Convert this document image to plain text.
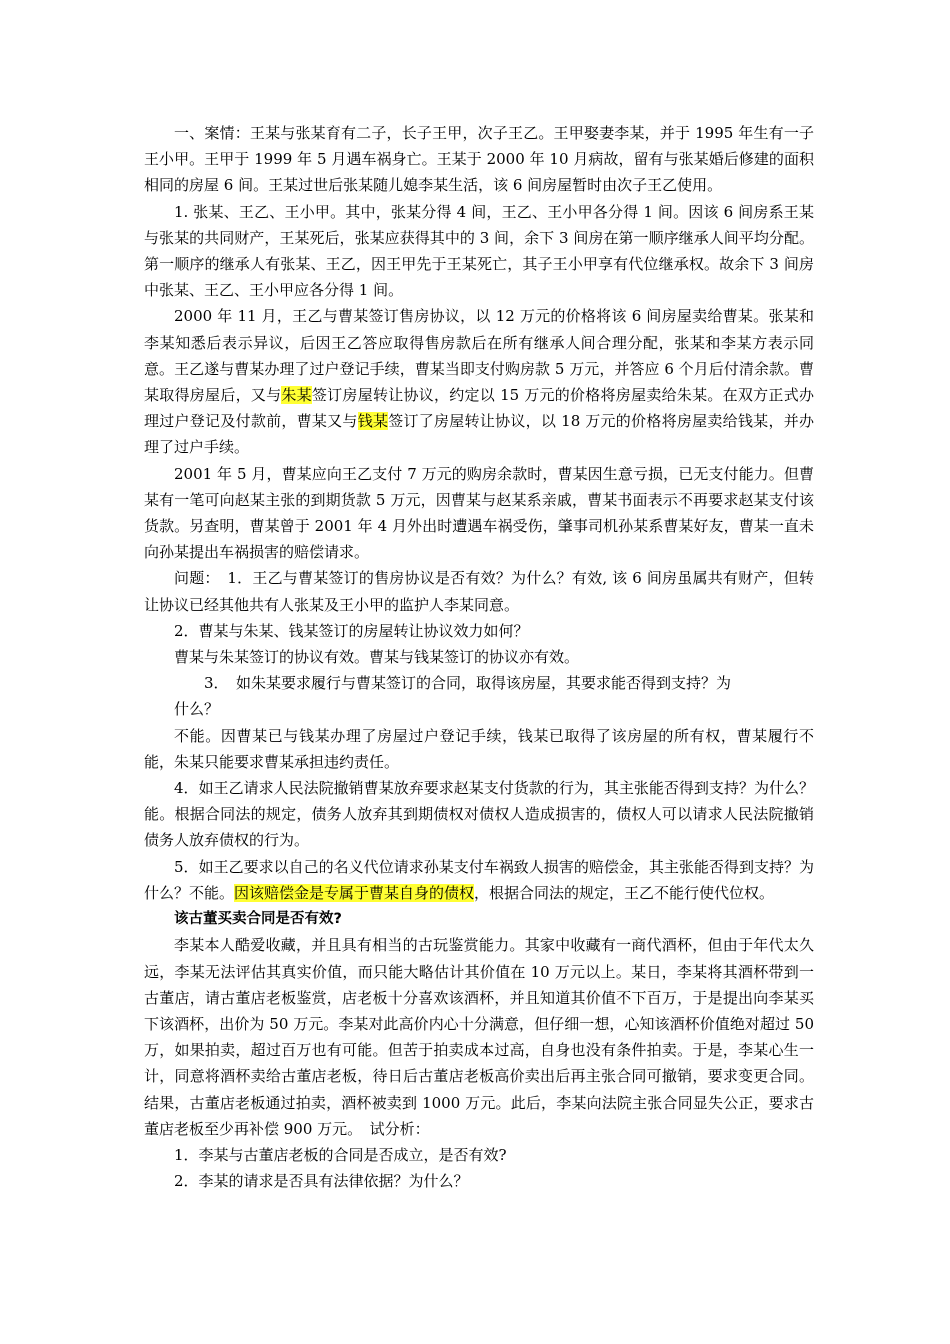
一、案情：王某与张某育有二子，长子王甲，次子王乙。王甲娶妻李某，并于 1995 年生有一子王小甲。王甲于 1999 年 5 月遇车祸身亡。王某于 2000 年 10 月病故，留有与张某婚后修建的面积相同的房屋 6 间。王某过世后张某随儿媳李某生活，该 6 间房屋暂时由次子王乙使用。

1. 张某、王乙、王小甲。其中，张某分得 4 间，王乙、王小甲各分得 1 间。因该 6 间房系王某与张某的共同财产，王某死后，张某应获得其中的 3 间，余下 3 间房在第一顺序继承人间平均分配。第一顺序的继承人有张某、王乙，因王甲先于王某死亡，其子王小甲享有代位继承权。故余下 3 间房中张某、王乙、王小甲应各分得 1 间。

2000 年 11 月，王乙与曹某签订售房协议，以 12 万元的价格将该 6 间房屋卖给曹某。张某和李某知悉后表示异议，后因王乙答应取得售房款后在所有继承人间合理分配，张某和李某方表示同意。王乙遂与曹某办理了过户登记手续，曹某当即支付购房款 5 万元，并答应 6 个月后付清余款。曹某取得房屋后，又与朱某签订房屋转让协议，约定以 15 万元的价格将房屋卖给朱某。在双方正式办理过户登记及付款前，曹某又与钱某签订了房屋转让协议，以 18 万元的价格将房屋卖给钱某，并办理了过户手续。

2001 年 5 月，曹某应向王乙支付 7 万元的购房余款时，曹某因生意亏损，已无支付能力。但曹某有一笔可向赵某主张的到期货款 5 万元，因曹某与赵某系亲戚，曹某书面表示不再要求赵某支付该货款。另查明，曹某曾于 2001 年 4 月外出时遭遇车祸受伤，肇事司机孙某系曹某好友，曹某一直未向孙某提出车祸损害的赔偿请求。

问题：　1．王乙与曹某签订的售房协议是否有效？为什么？有效, 该 6 间房虽属共有财产，但转让协议已经其他共有人张某及王小甲的监护人李某同意。

2．曹某与朱某、钱某签订的房屋转让协议效力如何？

曹某与朱某签订的协议有效。曹某与钱某签订的协议亦有效。

3．　如朱某要求履行与曹某签订的合同，取得该房屋，其要求能否得到支持？为

什么？

不能。因曹某已与钱某办理了房屋过户登记手续，钱某已取得了该房屋的所有权，曹某履行不能，朱某只能要求曹某承担违约责任。

4．如王乙请求人民法院撤销曹某放弃要求赵某支付货款的行为，其主张能否得到支持？为什么？能。根据合同法的规定，债务人放弃其到期债权对债权人造成损害的，债权人可以请求人民法院撤销债务人放弃债权的行为。

5．如王乙要求以自己的名义代位请求孙某支付车祸致人损害的赔偿金，其主张能否得到支持？为什么？不能。因该赔偿金是专属于曹某自身的债权，根据合同法的规定，王乙不能行使代位权。

该古董买卖合同是否有效?

李某本人酷爱收藏，并且具有相当的古玩鉴赏能力。其家中收藏有一商代酒杯，但由于年代太久远，李某无法评估其真实价值，而只能大略估计其价值在 10 万元以上。某日，李某将其酒杯带到一古董店，请古董店老板鉴赏，店老板十分喜欢该酒杯，并且知道其价值不下百万，于是提出向李某买下该酒杯，出价为 50 万元。李某对此高价内心十分满意，但仔细一想，心知该酒杯价值绝对超过 50 万，如果拍卖，超过百万也有可能。但苦于拍卖成本过高，自身也没有条件拍卖。于是，李某心生一计，同意将酒杯卖给古董店老板，待日后古董店老板高价卖出后再主张合同可撤销，要求变更合同。结果，古董店老板通过拍卖，酒杯被卖到 1000 万元。此后，李某向法院主张合同显失公正，要求古董店老板至少再补偿 900 万元。　试分析：

1．李某与古董店老板的合同是否成立，是否有效?

2．李某的请求是否具有法律依据？为什么？
